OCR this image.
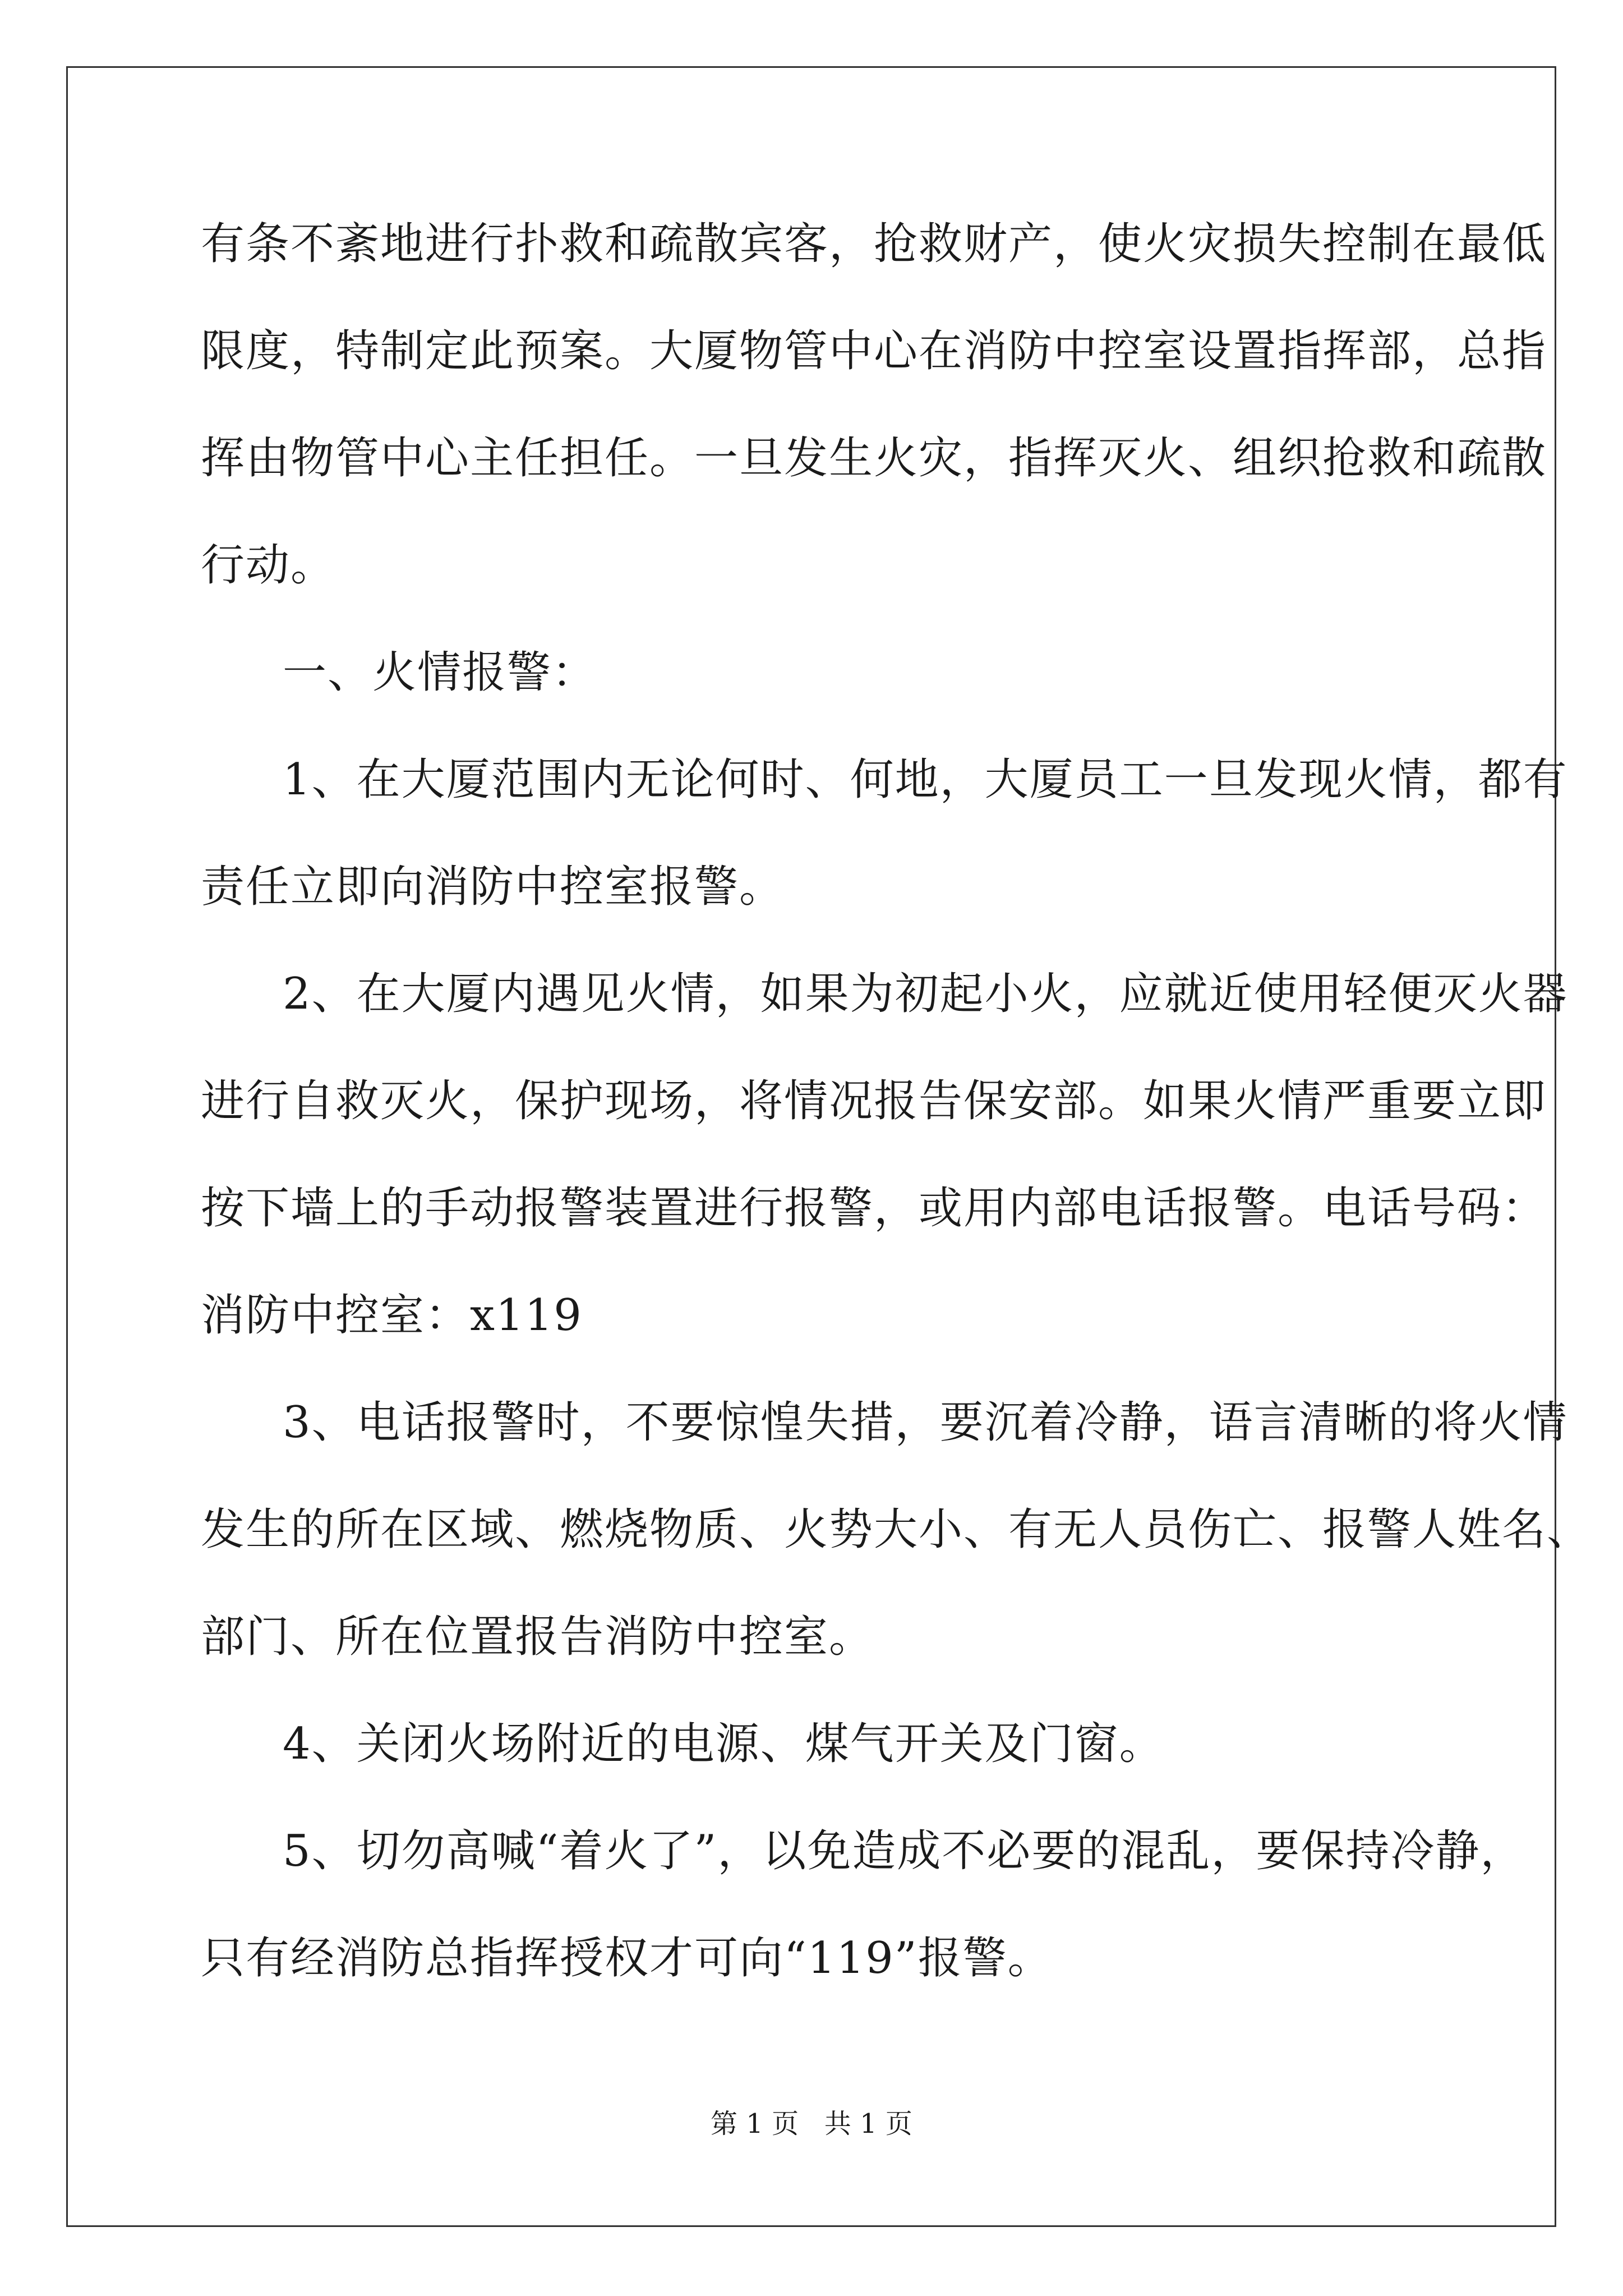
有条不紊地进行扑救和疏散宾客，抢救财产，使火灾损失控制在最低
限度，特制定此预案。大厦物管中心在消防中控室设置指挥部，总指
挥由物管中心主任担任。一旦发生火灾，指挥灭火、组织抢救和疏散
行动。
一、火情报警：
1、在大厦范围内无论何时、何地，大厦员工一旦发现火情，都有
责任立即向消防中控室报警。
2、在大厦内遇见火情，如果为初起小火，应就近使用轻便灭火器
进行自救灭火，保护现场，将情况报告保安部。如果火情严重要立即
按下墙上的手动报警装置进行报警，或用内部电话报警。电话号码：
消防中控室：x119
3、电话报警时，不要惊惶失措，要沉着冷静，语言清晰的将火情
发生的所在区域、燃烧物质、火势大小、有无人员伤亡、报警人姓名、
部门、所在位置报告消防中控室。
4、关闭火场附近的电源、煤气开关及门窗。
5、切勿高喊“着火了”，以免造成不必要的混乱，要保持冷静，
只有经消防总指挥授权才可向“119”报警。
第 1 页   共 1 页
